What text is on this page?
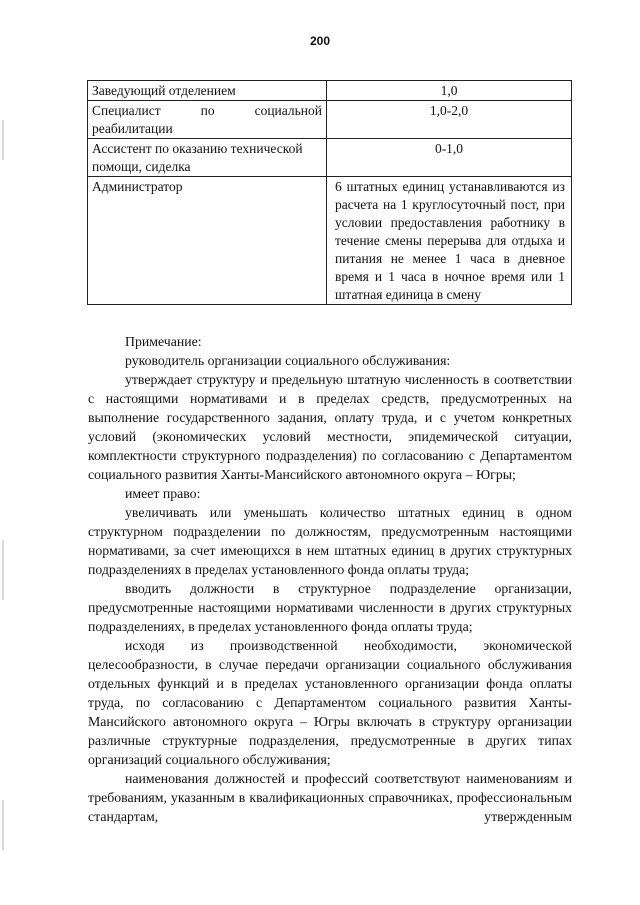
200
Заведующий отделением	1,0
Специалист по социальной реабилитации	1,0-2,0
Ассистент по оказанию технической помощи, сиделка	0-1,0
Администратор	6 штатных единиц устанавливаются из расчета на 1 круглосуточный пост, при условии предоставления работнику в течение смены перерыва для отдыха и питания не менее 1 часа в дневное время и 1 часа в ночное время или 1 штатная единица в смену

Примечание:

руководитель организации социального обслуживания:

утверждает структуру и предельную штатную численность в соответствии с настоящими нормативами и в пределах средств, предусмотренных на выполнение государственного задания, оплату труда, и с учетом конкретных условий (экономических условий местности, эпидемической ситуации, комплектности структурного подразделения) по согласованию с Департаментом социального развития Ханты-Мансийского автономного округа – Югры;

имеет право:

увеличивать или уменьшать количество штатных единиц в одном структурном подразделении по должностям, предусмотренным настоящими нормативами, за счет имеющихся в нем штатных единиц в других структурных подразделениях в пределах установленного фонда оплаты труда;

вводить должности в структурное подразделение организации, предусмотренные настоящими нормативами численности в других структурных подразделениях, в пределах установленного фонда оплаты труда;

исходя из производственной необходимости, экономической целесообразности, в случае передачи организации социального обслуживания отдельных функций и в пределах установленного организации фонда оплаты труда, по согласованию с Департаментом социального развития Ханты-Мансийского автономного округа – Югры включать в структуру организации различные структурные подразделения, предусмотренные в других типах организаций социального обслуживания;

наименования должностей и профессий соответствуют наименованиям и требованиям, указанным в квалификационных справочниках, профессиональным стандартам, утвержденным
